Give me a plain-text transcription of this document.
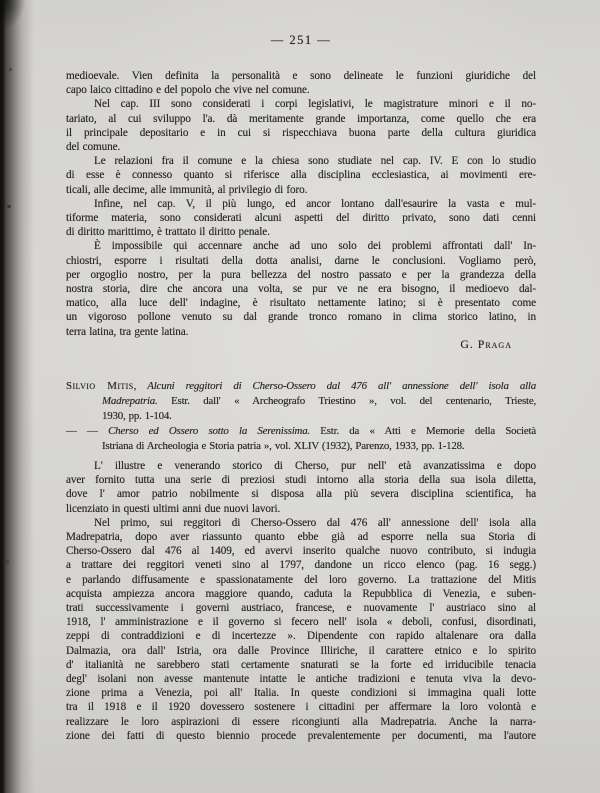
— 251 —
medioevale. Vien definita la personalità e sono delineate le funzioni giuridiche del
capo laico cittadino e del popolo che vive nel comune.
Nel cap. III sono considerati i corpi legislativi, le magistrature minori e il no-
tariato, al cui sviluppo l'a. dà meritamente grande importanza, come quello che era
il principale depositario e in cui si rispecchiava buona parte della cultura giuridica
del comune.
Le relazioni fra il comune e la chiesa sono studiate nel cap. IV. E con lo studio
di esse è connesso quanto si riferisce alla disciplina ecclesiastica, ai movimenti ere-
ticali, alle decime, alle immunità, al privilegio di foro.
Infine, nel cap. V, il più lungo, ed ancor lontano dall'esaurire la vasta e mul-
tiforme materia, sono considerati alcuni aspetti del diritto privato, sono dati cenni
di diritto marittimo, è trattato il diritto penale.
È impossibile qui accennare anche ad uno solo dei problemi affrontati dall' In-
chiostri, esporre i risultati della dotta analisi, darne le conclusioni. Vogliamo però,
per orgoglio nostro, per la pura bellezza del nostro passato e per la grandezza della
nostra storia, dire che ancora una volta, se pur ve ne era bisogno, il medioevo dal-
matico, alla luce dell' indagine, è risultato nettamente latino; si è presentato come
un vigoroso pollone venuto su dal grande tronco romano in clima storico latino, in
terra latina, tra gente latina.
G. Praga
Silvio Mitis, Alcuni reggitori di Cherso-Ossero dal 476 all' annessione dell' isola alla
Madrepatria. Estr. dall' « Archeografo Triestino », vol. del centenario, Trieste,
1930, pp. 1-104.
— — Cherso ed Ossero sotto la Serenissima. Estr. da « Atti e Memorie della Società
Istriana di Archeologia e Storia patria », vol. XLIV (1932), Parenzo, 1933, pp. 1-128.
L' illustre e venerando storico di Cherso, pur nell' età avanzatissima e dopo
aver fornito tutta una serie di preziosi studi intorno alla storia della sua isola diletta,
dove l' amor patrio nobilmente si disposa alla più severa disciplina scientifica, ha
licenziato in questi ultimi anni due nuovi lavori.
Nel primo, sui reggitori di Cherso-Ossero dal 476 all' annessione dell' isola alla
Madrepatria, dopo aver riassunto quanto ebbe già ad esporre nella sua Storia di
Cherso-Ossero dal 476 al 1409, ed avervi inserito qualche nuovo contributo, si indugia
a trattare dei reggitori veneti sino al 1797, dandone un ricco elenco (pag. 16 segg.)
e parlando diffusamente e spassionatamente del loro governo. La trattazione del Mitis
acquista ampiezza ancora maggiore quando, caduta la Repubblica di Venezia, e suben-
trati successivamente i governi austriaco, francese, e nuovamente l' austriaco sino al
1918, l' amministrazione e il governo si fecero nell' isola « deboli, confusi, disordinati,
zeppi di contraddizioni e di incertezze ». Dipendente con rapido altalenare ora dalla
Dalmazia, ora dall' Istria, ora dalle Province Illiriche, il carattere etnico e lo spirito
d' italianità ne sarebbero stati certamente snaturati se la forte ed irriducibile tenacia
degl' isolani non avesse mantenute intatte le antiche tradizioni e tenuta viva la devo-
zione prima a Venezia, poi all' Italia. In queste condizioni si immagina quali lotte
tra il 1918 e il 1920 dovessero sostenere i cittadini per affermare la loro volontà e
realizzare le loro aspirazioni di essere ricongiunti alla Madrepatria. Anche la narra-
zione dei fatti di questo biennio procede prevalentemente per documenti, ma l'autore
